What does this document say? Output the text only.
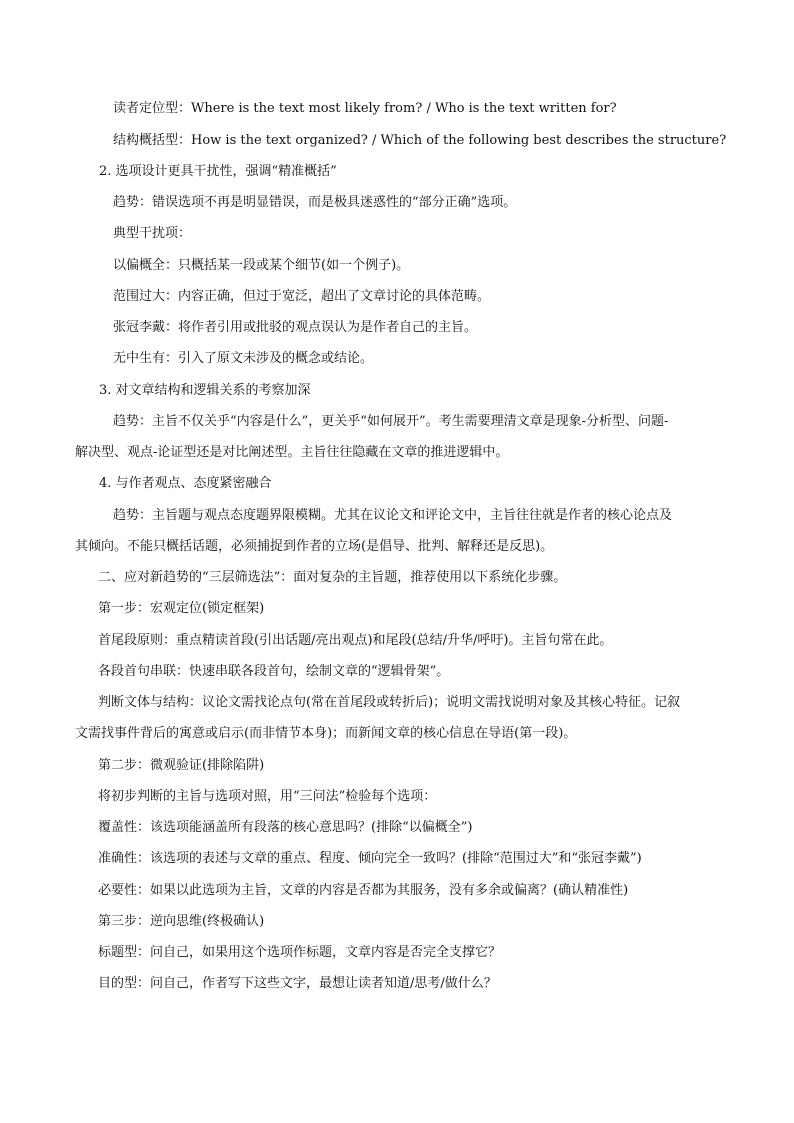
读者定位型：Where is the text most likely from? / Who is the text written for?
结构概括型：How is the text organized? / Which of the following best describes the structure?
2. 选项设计更具干扰性，强调“精准概括”
趋势：错误选项不再是明显错误，而是极具迷惑性的“部分正确”选项。
典型干扰项：
以偏概全：只概括某一段或某个细节(如一个例子)。
范围过大：内容正确，但过于宽泛，超出了文章讨论的具体范畴。
张冠李戴：将作者引用或批驳的观点误认为是作者自己的主旨。
无中生有：引入了原文未涉及的概念或结论。
3. 对文章结构和逻辑关系的考察加深
趋势：主旨不仅关乎“内容是什么”，更关乎“如何展开”。考生需要理清文章是现象-分析型、问题-
解决型、观点-论证型还是对比阐述型。主旨往往隐藏在文章的推进逻辑中。
4. 与作者观点、态度紧密融合
趋势：主旨题与观点态度题界限模糊。尤其在议论文和评论文中，主旨往往就是作者的核心论点及
其倾向。不能只概括话题，必须捕捉到作者的立场(是倡导、批判、解释还是反思)。
二、应对新趋势的“三层筛选法”：面对复杂的主旨题，推荐使用以下系统化步骤。
第一步：宏观定位(锁定框架)
首尾段原则：重点精读首段(引出话题/亮出观点)和尾段(总结/升华/呼吁)。主旨句常在此。
各段首句串联：快速串联各段首句，绘制文章的“逻辑骨架”。
判断文体与结构：议论文需找论点句(常在首尾段或转折后)；说明文需找说明对象及其核心特征。记叙
文需找事件背后的寓意或启示(而非情节本身)；而新闻文章的核心信息在导语(第一段)。
第二步：微观验证(排除陷阱)
将初步判断的主旨与选项对照，用“三问法”检验每个选项：
覆盖性：该选项能涵盖所有段落的核心意思吗？(排除“以偏概全”)
准确性：该选项的表述与文章的重点、程度、倾向完全一致吗？(排除“范围过大”和“张冠李戴”)
必要性：如果以此选项为主旨，文章的内容是否都为其服务，没有多余或偏离？(确认精准性)
第三步：逆向思维(终极确认)
标题型：问自己，如果用这个选项作标题，文章内容是否完全支撑它？
目的型：问自己，作者写下这些文字，最想让读者知道/思考/做什么？
